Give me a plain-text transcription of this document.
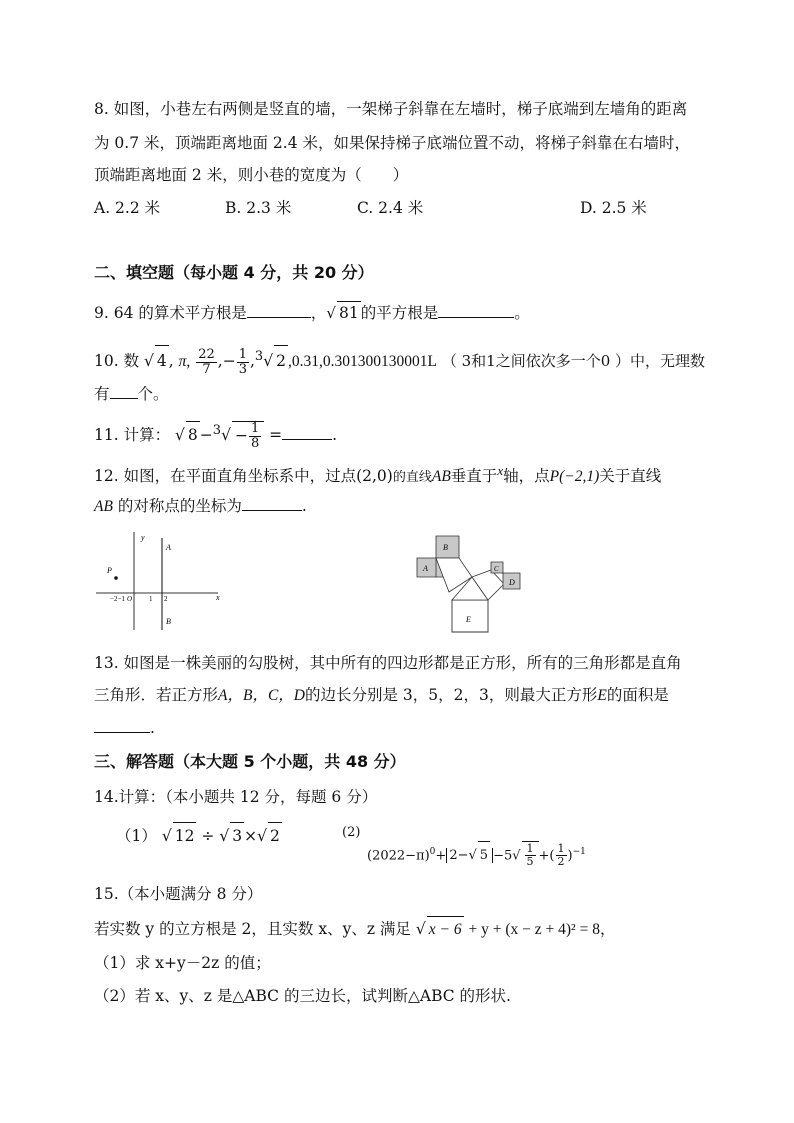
8. 如图，小巷左右两侧是竖直的墙，一架梯子斜靠在左墙时，梯子底端到左墙角的距离
为 0.7 米，顶端距离地面 2.4 米，如果保持梯子底端位置不动，将梯子斜靠在右墙时，
顶端距离地面 2 米，则小巷的宽度为（　　）
A. 2.2 米	B. 2.3 米	C. 2.4 米	D. 2.5 米
二、填空题（每小题 4 分，共 20 分）
9. 64 的算术平方根是	，√ 81 的平方根是	。
10. 数 √ 4 , π, $\frac{22}{7}$ ,− $\frac{1}{3} ,^3√$ 2 ,0.31,0.301300130001L （ 3和1之间依次多一个0 ）中，无理数
有 个。
11. 计算： √ $8 -^3√ - \frac{1}{8}$ =	.
12. 如图，在平面直角坐标系中，过点(2,0)的直线AB垂直于$^x$轴，点P(−2,1)关于直线
AB 的对称点的坐标为	.
y
x
A
B
P
−2−1 O 1 2
B
A	C
D
E
13. 如图是一株美丽的勾股树，其中所有的四边形都是正方形，所有的三角形都是直角
三角形．若正方形A，B，C，D的边长分别是 3，5，2，3，则最大正方形E的面积是
.
三、解答题（本大题 5 个小题，共 48 分）
14.计算：（本小题共 12 分，每题 6 分）
（1） √ 12 ÷ √ 3 ×√ 2	(2)
$(2022-\pi)^0+ 2-√$ $5 -5√ \frac{1}{5}$ +( $\frac{1}{2} )^{-1}$
15.（本小题满分 8 分）
若实数 y 的立方根是 2，且实数 x、y、z 满足 √ x − 6 + y + (x − z + 4)² = 8，
（1）求 x+y－2z 的值；
（2）若 x、y、z 是△ABC 的三边长，试判断△ABC 的形状.
